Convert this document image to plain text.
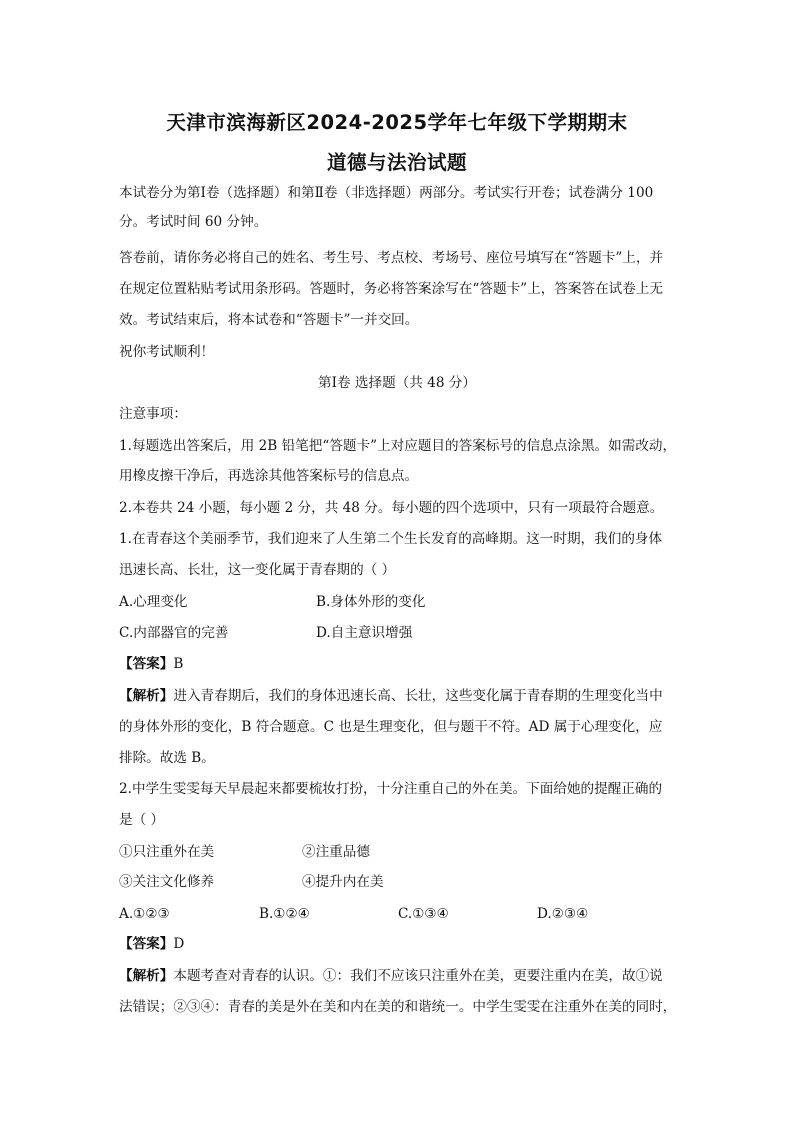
天津市滨海新区2024-2025学年七年级下学期期末
道德与法治试题
本试卷分为第Ⅰ卷（选择题）和第Ⅱ卷（非选择题）两部分。考试实行开卷；试卷满分 100
分。考试时间 60 分钟。
答卷前，请你务必将自己的姓名、考生号、考点校、考场号、座位号填写在“答题卡”上，并
在规定位置粘贴考试用条形码。答题时，务必将答案涂写在“答题卡”上，答案答在试卷上无
效。考试结束后，将本试卷和“答题卡”一并交回。
祝你考试顺利！
第Ⅰ卷 选择题（共 48 分）
注意事项：
1.每题选出答案后，用 2B 铅笔把“答题卡”上对应题目的答案标号的信息点涂黑。如需改动，
用橡皮擦干净后，再选涂其他答案标号的信息点。
2.本卷共 24 小题，每小题 2 分，共 48 分。每小题的四个选项中，只有一项最符合题意。
1.在青春这个美丽季节，我们迎来了人生第二个生长发育的高峰期。这一时期，我们的身体
迅速长高、长壮，这一变化属于青春期的（ ）
A.心理变化	B.身体外形的变化
C.内部器官的完善	D.自主意识增强
【答案】B
【解析】进入青春期后，我们的身体迅速长高、长壮，这些变化属于青春期的生理变化当中
的身体外形的变化，B 符合题意。C 也是生理变化，但与题干不符。AD 属于心理变化，应
排除。故选 B。
2.中学生雯雯每天早晨起来都要梳妆打扮，十分注重自己的外在美。下面给她的提醒正确的
是（ ）
①只注重外在美	②注重品德
③关注文化修养	④提升内在美
A.①②③	B.①②④	C.①③④	D.②③④
【答案】D
【解析】本题考查对青春的认识。①：我们不应该只注重外在美，更要注重内在美，故①说
法错误；②③④：青春的美是外在美和内在美的和谐统一。中学生雯雯在注重外在美的同时，
